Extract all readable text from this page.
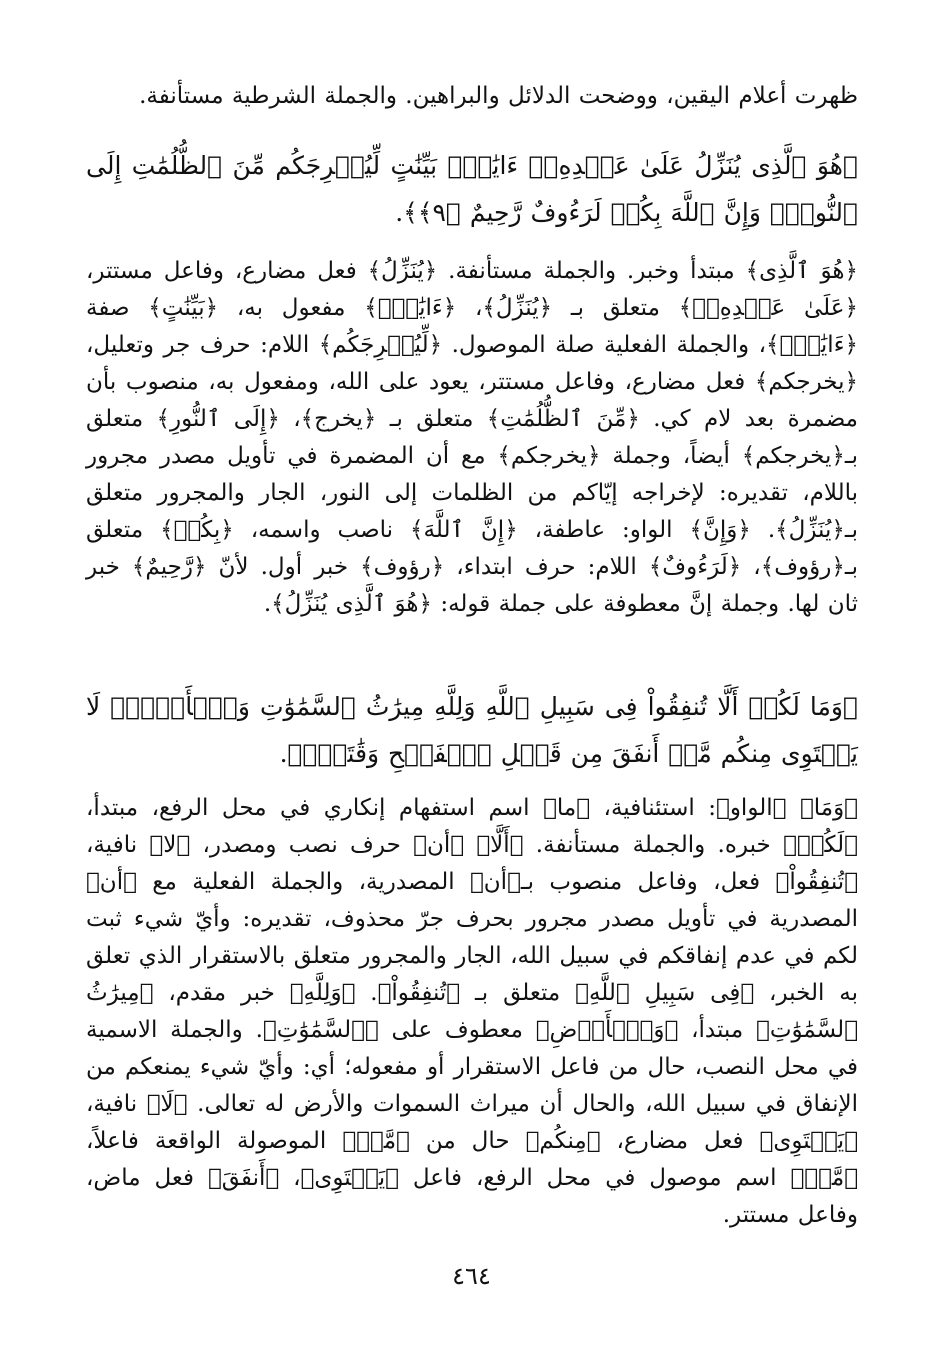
ظهرت أعلام اليقين، ووضحت الدلائل والبراهين. والجملة الشرطية مستأنفة.

﴿هُوَ ٱلَّذِى يُنَزِّلُ عَلَىٰ عَبۡدِهِۦٓ ءَايَٰتٍۭ بَيِّنَٰتٍ لِّيُخۡرِجَكُم مِّنَ ٱلظُّلُمَٰتِ إِلَى ٱلنُّورِۚ وَإِنَّ ٱللَّهَ بِكُمۡ لَرَءُوفٌ رَّحِيمٌ ﴿٩﴾﴾.

﴿هُوَ ٱلَّذِى﴾ مبتدأ وخبر. والجملة مستأنفة. ﴿يُنَزِّلُ﴾ فعل مضارع، وفاعل مستتر، ﴿عَلَىٰ عَبۡدِهِۦٓ﴾ متعلق بـ ﴿يُنَزِّلُ﴾، ﴿ءَايَٰتٍۭ﴾ مفعول به، ﴿بَيِّنَٰتٍ﴾ صفة ﴿ءَايَٰتٍۭ﴾، والجملة الفعلية صلة الموصول. ﴿لِّيُخۡرِجَكُم﴾ اللام: حرف جر وتعليل، ﴿يخرجكم﴾ فعل مضارع، وفاعل مستتر، يعود على الله، ومفعول به، منصوب بأن مضمرة بعد لام كي. ﴿مِّنَ ٱلظُّلُمَٰتِ﴾ متعلق بـ ﴿يخرج﴾، ﴿إِلَى ٱلنُّورِ﴾ متعلق بـ﴿يخرجكم﴾ أيضاً، وجملة ﴿يخرجكم﴾ مع أن المضمرة في تأويل مصدر مجرور باللام، تقديره: لإخراجه إيّاكم من الظلمات إلى النور، الجار والمجرور متعلق بـ﴿يُنَزِّلُ﴾. ﴿وَإِنَّ﴾ الواو: عاطفة، ﴿إِنَّ ٱللَّهَ﴾ ناصب واسمه، ﴿بِكُمۡ﴾ متعلق بـ﴿رؤوف﴾، ﴿لَرَءُوفٌ﴾ اللام: حرف ابتداء، ﴿رؤوف﴾ خبر أول. لأنّ ﴿رَّحِيمٌ﴾ خبر ثان لها. وجملة إنَّ معطوفة على جملة قوله: ﴿هُوَ ٱلَّذِى يُنَزِّلُ﴾.

﴿وَمَا لَكُمۡ أَلَّا تُنفِقُواْ فِى سَبِيلِ ٱللَّهِ وَلِلَّهِ مِيرَٰثُ ٱلسَّمَٰوَٰتِ وَٱلۡأَرۡضِۚ لَا يَسۡتَوِى مِنكُم مَّنۡ أَنفَقَ مِن قَبۡلِ ٱلۡفَتۡحِ وَقَٰتَلَۚ﴾.

﴿وَمَا﴾ ﴿الواو﴾: استئنافية، ﴿ما﴾ اسم استفهام إنكاري في محل الرفع، مبتدأ، ﴿لَكُمۡ﴾ خبره. والجملة مستأنفة. ﴿أَلَّا﴾ ﴿أن﴾ حرف نصب ومصدر، ﴿لا﴾ نافية، ﴿تُنفِقُواْ﴾ فعل، وفاعل منصوب بـ﴿أن﴾ المصدرية، والجملة الفعلية مع ﴿أن﴾ المصدرية في تأويل مصدر مجرور بحرف جرّ محذوف، تقديره: وأيّ شيء ثبت لكم في عدم إنفاقكم في سبيل الله، الجار والمجرور متعلق بالاستقرار الذي تعلق به الخبر، ﴿فِى سَبِيلِ ٱللَّهِ﴾ متعلق بـ ﴿تُنفِقُواْ﴾. ﴿وَلِلَّهِ﴾ خبر مقدم، ﴿مِيرَٰثُ ٱلسَّمَٰوَٰتِ﴾ مبتدأ، ﴿وَٱلۡأَرۡضِ﴾ معطوف على ﴿ٱلسَّمَٰوَٰتِ﴾. والجملة الاسمية في محل النصب، حال من فاعل الاستقرار أو مفعوله؛ أي: وأيّ شيء يمنعكم من الإنفاق في سبيل الله، والحال أن ميراث السموات والأرض له تعالى. ﴿لَا﴾ نافية، ﴿يَسۡتَوِى﴾ فعل مضارع، ﴿مِنكُم﴾ حال من ﴿مَّنۡ﴾ الموصولة الواقعة فاعلاً، ﴿مَّنۡ﴾ اسم موصول في محل الرفع، فاعل ﴿يَسۡتَوِى﴾، ﴿أَنفَقَ﴾ فعل ماض، وفاعل مستتر.

٤٦٤
